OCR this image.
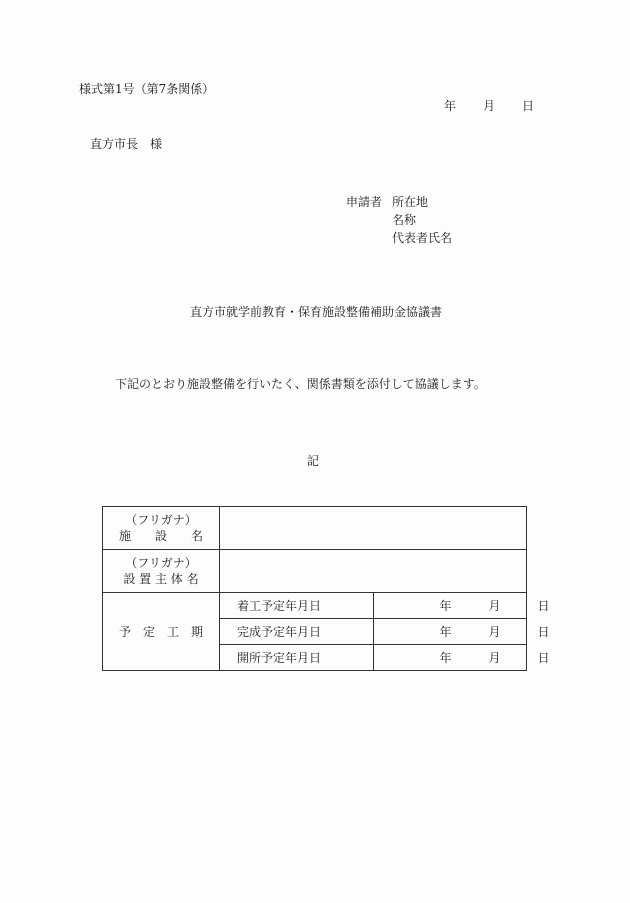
様式第1号（第7条関係）
年 月 日
直方市長　様
申請者 所在地
名称
代表者氏名
直方市就学前教育・保育施設整備補助金協議書
下記のとおり施設整備を行いたく、関係書類を添付して協議します。
記
（フリガナ）
施　　設　　名		

（フリガナ）
設 置 主 体 名		

予　定　工　期	着工予定年月日	年 月 日
	完成予定年月日	年 月 日
	開所予定年月日	年 月 日
